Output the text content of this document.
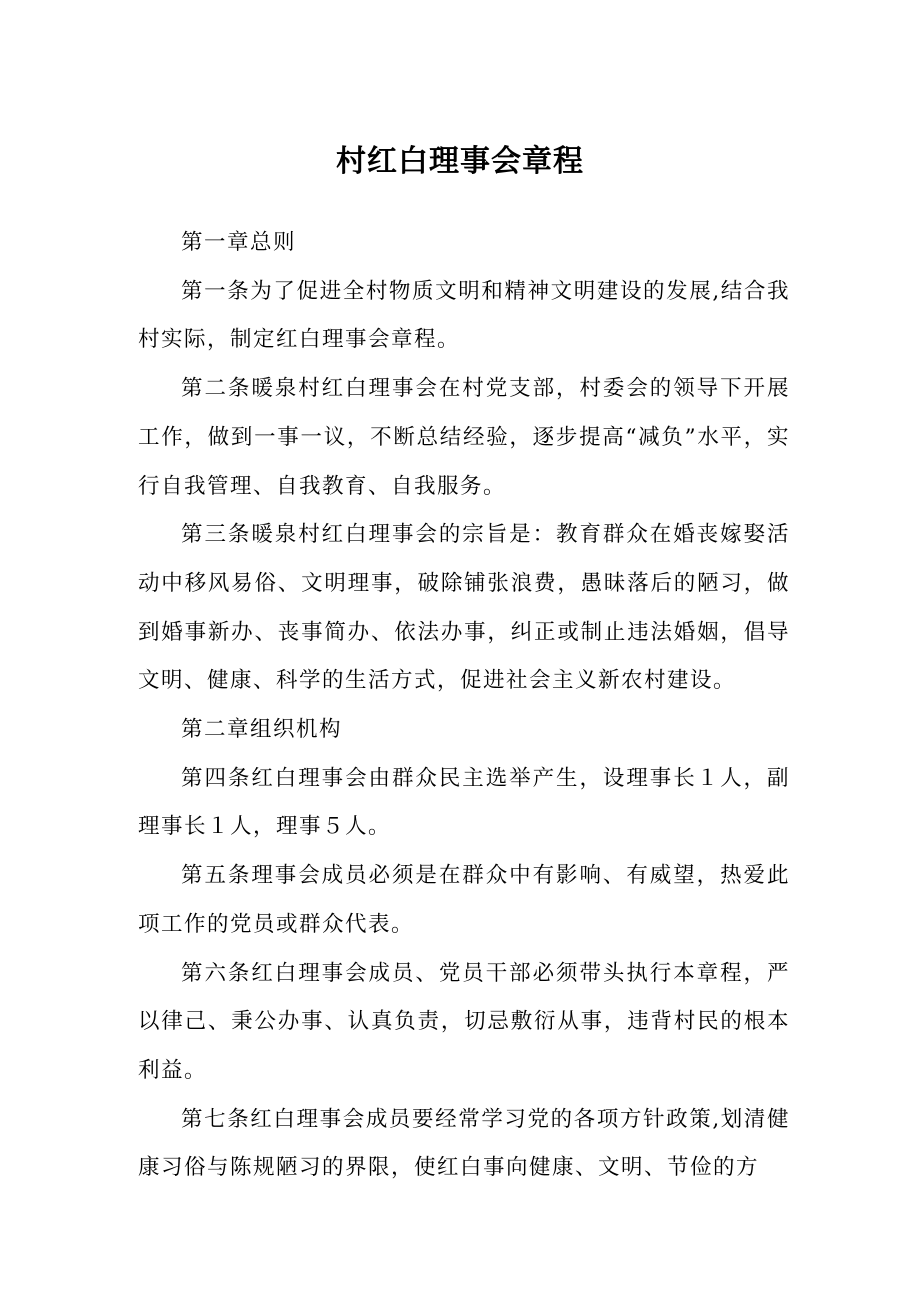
村红白理事会章程

第一章总则

第一条为了促进全村物质文明和精神文明建设的发展,结合我村实际，制定红白理事会章程。

第二条暖泉村红白理事会在村党支部，村委会的领导下开展工作，做到一事一议，不断总结经验，逐步提高“减负”水平，实行自我管理、自我教育、自我服务。

第三条暖泉村红白理事会的宗旨是：教育群众在婚丧嫁娶活动中移风易俗、文明理事，破除铺张浪费，愚昧落后的陋习，做到婚事新办、丧事简办、依法办事，纠正或制止违法婚姻，倡导文明、健康、科学的生活方式，促进社会主义新农村建设。

第二章组织机构

第四条红白理事会由群众民主选举产生，设理事长１人，副理事长１人，理事５人。

第五条理事会成员必须是在群众中有影响、有威望，热爱此项工作的党员或群众代表。

第六条红白理事会成员、党员干部必须带头执行本章程，严以律己、秉公办事、认真负责，切忌敷衍从事，违背村民的根本利益。

第七条红白理事会成员要经常学习党的各项方针政策,划清健康习俗与陈规陋习的界限，使红白事向健康、文明、节俭的方
